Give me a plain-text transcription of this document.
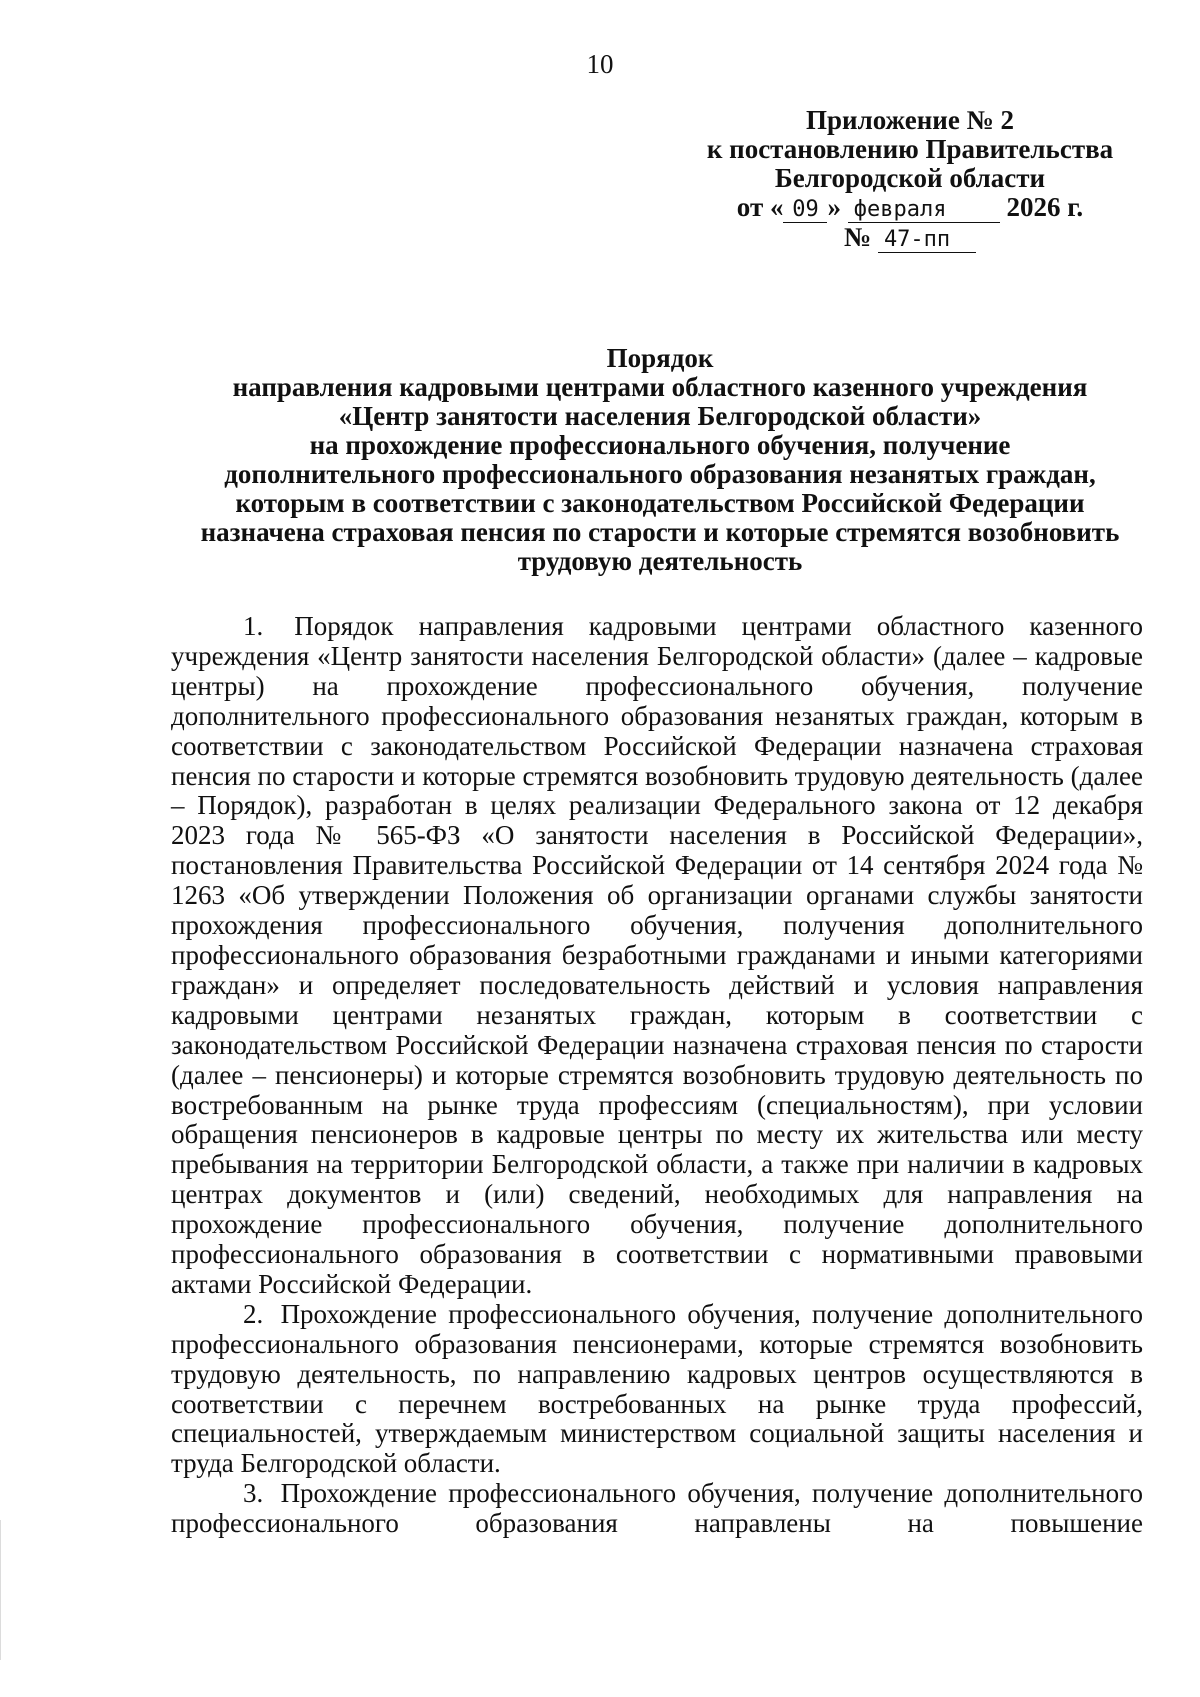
10
Приложение № 2
к постановлению Правительства
Белгородской области
от « 09 » февраля 2026 г.
№ 47-пп
Порядок
направления кадровыми центрами областного казенного учреждения
«Центр занятости населения Белгородской области»
на прохождение профессионального обучения, получение
дополнительного профессионального образования незанятых граждан,
которым в соответствии с законодательством Российской Федерации
назначена страховая пенсия по старости и которые стремятся возобновить
трудовую деятельность

1. Порядок направления кадровыми центрами областного казенного учреждения «Центр занятости населения Белгородской области» (далее – кадровые центры) на прохождение профессионального обучения, получение дополнительного профессионального образования незанятых граждан, которым в соответствии с законодательством Российской Федерации назначена страховая пенсия по старости и которые стремятся возобновить трудовую деятельность (далее – Порядок), разработан в целях реализации Федерального закона от 12 декабря 2023 года № 565-ФЗ «О занятости населения в Российской Федерации», постановления Правительства Российской Федерации от 14 сентября 2024 года № 1263 «Об утверждении Положения об организации органами службы занятости прохождения профессионального обучения, получения дополнительного профессионального образования безработными гражданами и иными категориями граждан» и определяет последовательность действий и условия направления кадровыми центрами незанятых граждан, которым в соответствии с законодательством Российской Федерации назначена страховая пенсия по старости (далее – пенсионеры) и которые стремятся возобновить трудовую деятельность по востребованным на рынке труда профессиям (специальностям), при условии обращения пенсионеров в кадровые центры по месту их жительства или месту пребывания на территории Белгородской области, а также при наличии в кадровых центрах документов и (или) сведений, необходимых для направления на прохождение профессионального обучения, получение дополнительного профессионального образования в соответствии с нормативными правовыми актами Российской Федерации.

2. Прохождение профессионального обучения, получение дополнительного профессионального образования пенсионерами, которые стремятся возобновить трудовую деятельность, по направлению кадровых центров осуществляются в соответствии с перечнем востребованных на рынке труда профессий, специальностей, утверждаемым министерством социальной защиты населения и труда Белгородской области.

3. Прохождение профессионального обучения, получение дополнительного профессионального образования направлены на повышение
